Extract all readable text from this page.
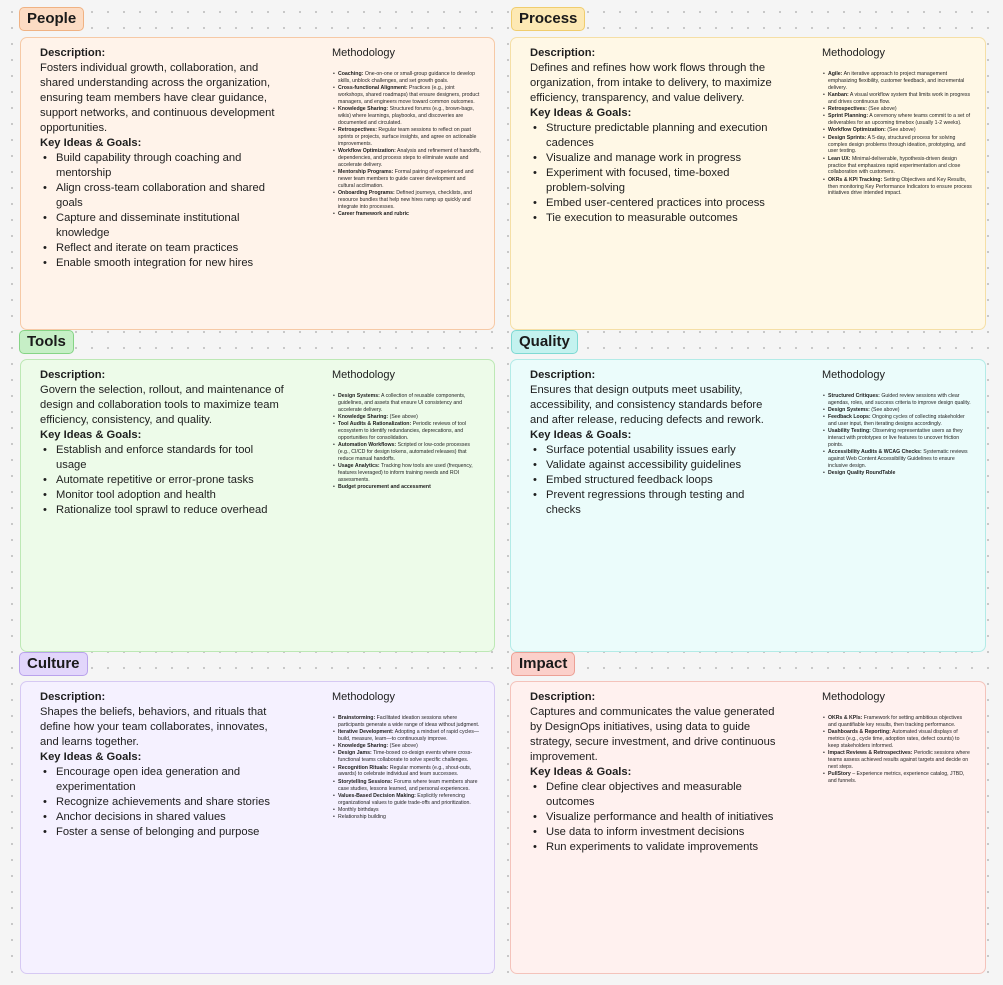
People
Description:
Fosters individual growth, collaboration, and shared understanding across the organization, ensuring team members have clear guidance, support networks, and continuous development opportunities.
Key Ideas & Goals:
• Build capability through coaching and mentorship
• Align cross-team collaboration and shared goals
• Capture and disseminate institutional knowledge
• Reflect and iterate on team practices
• Enable smooth integration for new hires
Methodology
• Coaching: One-on-one or small-group guidance to develop skills, unblock challenges, and set growth goals.
• Cross-functional Alignment: Practices (e.g., joint workshops, shared roadmaps) that ensure designers, product managers, and engineers move toward common outcomes.
• Knowledge Sharing: Structured forums (e.g., brown-bags, wikis) where learnings, playbooks, and discoveries are documented and circulated.
• Retrospectives: Regular team sessions to reflect on past sprints or projects, surface insights, and agree on actionable improvements.
• Workflow Optimization: Analysis and refinement of handoffs, dependencies, and process steps to eliminate waste and accelerate delivery.
• Mentorship Programs: Formal pairing of experienced and newer team members to guide career development and cultural acclimation.
• Onboarding Programs: Defined journeys, checklists, and resource bundles that help new hires ramp up quickly and integrate into processes.
• Career framework and rubric
Process
Description:
Defines and refines how work flows through the organization, from intake to delivery, to maximize efficiency, transparency, and value delivery.
Key Ideas & Goals:
• Structure predictable planning and execution cadences
• Visualize and manage work in progress
• Experiment with focused, time-boxed problem-solving
• Embed user-centered practices into process
• Tie execution to measurable outcomes
Methodology
• Agile: An iterative approach to project management emphasizing flexibility, customer feedback, and incremental delivery.
• Kanban: A visual workflow system that limits work in progress and drives continuous flow.
• Retrospectives: (See above)
• Sprint Planning: A ceremony where teams commit to a set of deliverables for an upcoming timebox (usually 1-2 weeks).
• Workflow Optimization: (See above)
• Design Sprints: A 5-day, structured process for solving complex design problems through ideation, prototyping, and user testing.
• Lean UX: Minimal-deliverable, hypothesis-driven design practice that emphasizes rapid experimentation and close collaboration with customers.
• OKRs & KPI Tracking: Setting Objectives and Key Results, then monitoring Key Performance Indicators to ensure process initiatives drive intended impact.
Tools
Description:
Govern the selection, rollout, and maintenance of design and collaboration tools to maximize team efficiency, consistency, and quality.
Key Ideas & Goals:
• Establish and enforce standards for tool usage
• Automate repetitive or error-prone tasks
• Monitor tool adoption and health
• Rationalize tool sprawl to reduce overhead
Methodology
• Design Systems: A collection of reusable components, guidelines, and assets that ensure UI consistency and accelerate delivery.
• Knowledge Sharing: (See above)
• Tool Audits & Rationalization: Periodic reviews of tool ecosystem to identify redundancies, deprecations, and opportunities for consolidation.
• Automation Workflows: Scripted or low-code processes (e.g., CI/CD for design tokens, automated releases) that reduce manual handoffs.
• Usage Analytics: Tracking how tools are used (frequency, features leveraged) to inform training needs and ROI assessments.
• Budget procurement and accessment
Quality
Description:
Ensures that design outputs meet usability, accessibility, and consistency standards before and after release, reducing defects and rework.
Key Ideas & Goals:
• Surface potential usability issues early
• Validate against accessibility guidelines
• Embed structured feedback loops
• Prevent regressions through testing and checks
Methodology
• Structured Critiques: Guided review sessions with clear agendas, roles, and success criteria to improve design quality.
• Design Systems: (See above)
• Feedback Loops: Ongoing cycles of collecting stakeholder and user input, then iterating designs accordingly.
• Usability Testing: Observing representative users as they interact with prototypes or live features to uncover friction points.
• Accessibility Audits & WCAG Checks: Systematic reviews against Web Content Accessibility Guidelines to ensure inclusive design.
• Design Quality RoundTable
Culture
Description:
Shapes the beliefs, behaviors, and rituals that define how your team collaborates, innovates, and learns together.
Key Ideas & Goals:
• Encourage open idea generation and experimentation
• Recognize achievements and share stories
• Anchor decisions in shared values
• Foster a sense of belonging and purpose
Methodology
• Brainstorming: Facilitated ideation sessions where participants generate a wide range of ideas without judgment.
• Iterative Development: Adopting a mindset of rapid cycles—build, measure, learn—to continuously improve.
• Knowledge Sharing: (See above)
• Design Jams: Time-boxed co-design events where cross-functional teams collaborate to solve specific challenges.
• Recognition Rituals: Regular moments (e.g., shout-outs, awards) to celebrate individual and team successes.
• Storytelling Sessions: Forums where team members share case studies, lessons learned, and personal experiences.
• Values-Based Decision Making: Explicitly referencing organizational values to guide trade-offs and prioritization.
• Monthly birthdays
• Relationship building
Impact
Description:
Captures and communicates the value generated by DesignOps initiatives, using data to guide strategy, secure investment, and drive continuous improvement.
Key Ideas & Goals:
• Define clear objectives and measurable outcomes
• Visualize performance and health of initiatives
• Use data to inform investment decisions
• Run experiments to validate improvements
Methodology
• OKRs & KPIs: Framework for setting ambitious objectives and quantifiable key results, then tracking performance.
• Dashboards & Reporting: Automated visual displays of metrics (e.g., cycle time, adoption rates, defect counts) to keep stakeholders informed.
• Impact Reviews & Retrospectives: Periodic sessions where teams assess achieved results against targets and decide on next steps.
• PullStory – Experience metrics, experience catalog, JTBD, and funnels.
